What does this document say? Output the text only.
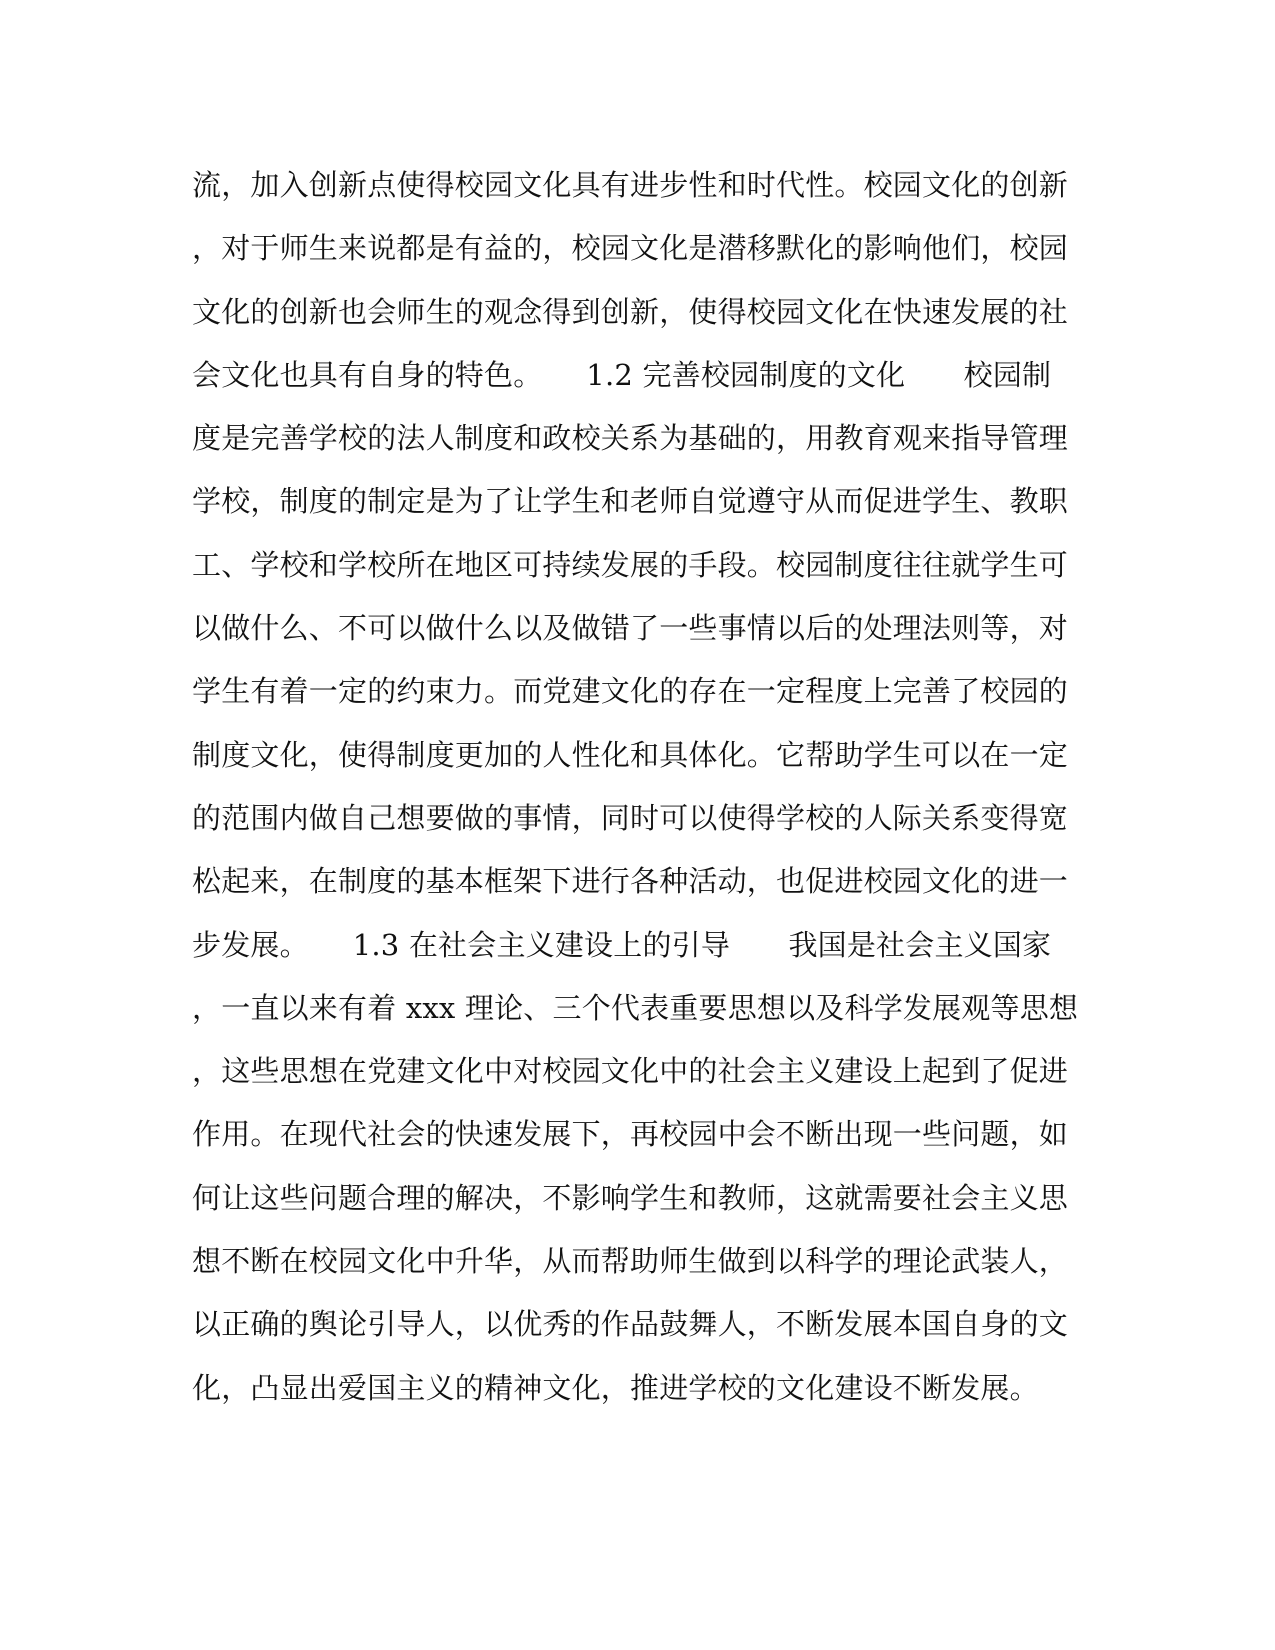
流，加入创新点使得校园文化具有进步性和时代性。校园文化的创新
，对于师生来说都是有益的，校园文化是潜移默化的影响他们，校园
文化的创新也会师生的观念得到创新，使得校园文化在快速发展的社
会文化也具有自身的特色。　　1.2 完善校园制度的文化　　校园制
度是完善学校的法人制度和政校关系为基础的，用教育观来指导管理
学校，制度的制定是为了让学生和老师自觉遵守从而促进学生、教职
工、学校和学校所在地区可持续发展的手段。校园制度往往就学生可
以做什么、不可以做什么以及做错了一些事情以后的处理法则等，对
学生有着一定的约束力。而党建文化的存在一定程度上完善了校园的
制度文化，使得制度更加的人性化和具体化。它帮助学生可以在一定
的范围内做自己想要做的事情，同时可以使得学校的人际关系变得宽
松起来，在制度的基本框架下进行各种活动，也促进校园文化的进一
步发展。　　1.3 在社会主义建设上的引导　　我国是社会主义国家
，一直以来有着 xxx 理论、三个代表重要思想以及科学发展观等思想
，这些思想在党建文化中对校园文化中的社会主义建设上起到了促进
作用。在现代社会的快速发展下，再校园中会不断出现一些问题，如
何让这些问题合理的解决，不影响学生和教师，这就需要社会主义思
想不断在校园文化中升华，从而帮助师生做到以科学的理论武装人，
以正确的舆论引导人，以优秀的作品鼓舞人，不断发展本国自身的文
化，凸显出爱国主义的精神文化，推进学校的文化建设不断发展。
